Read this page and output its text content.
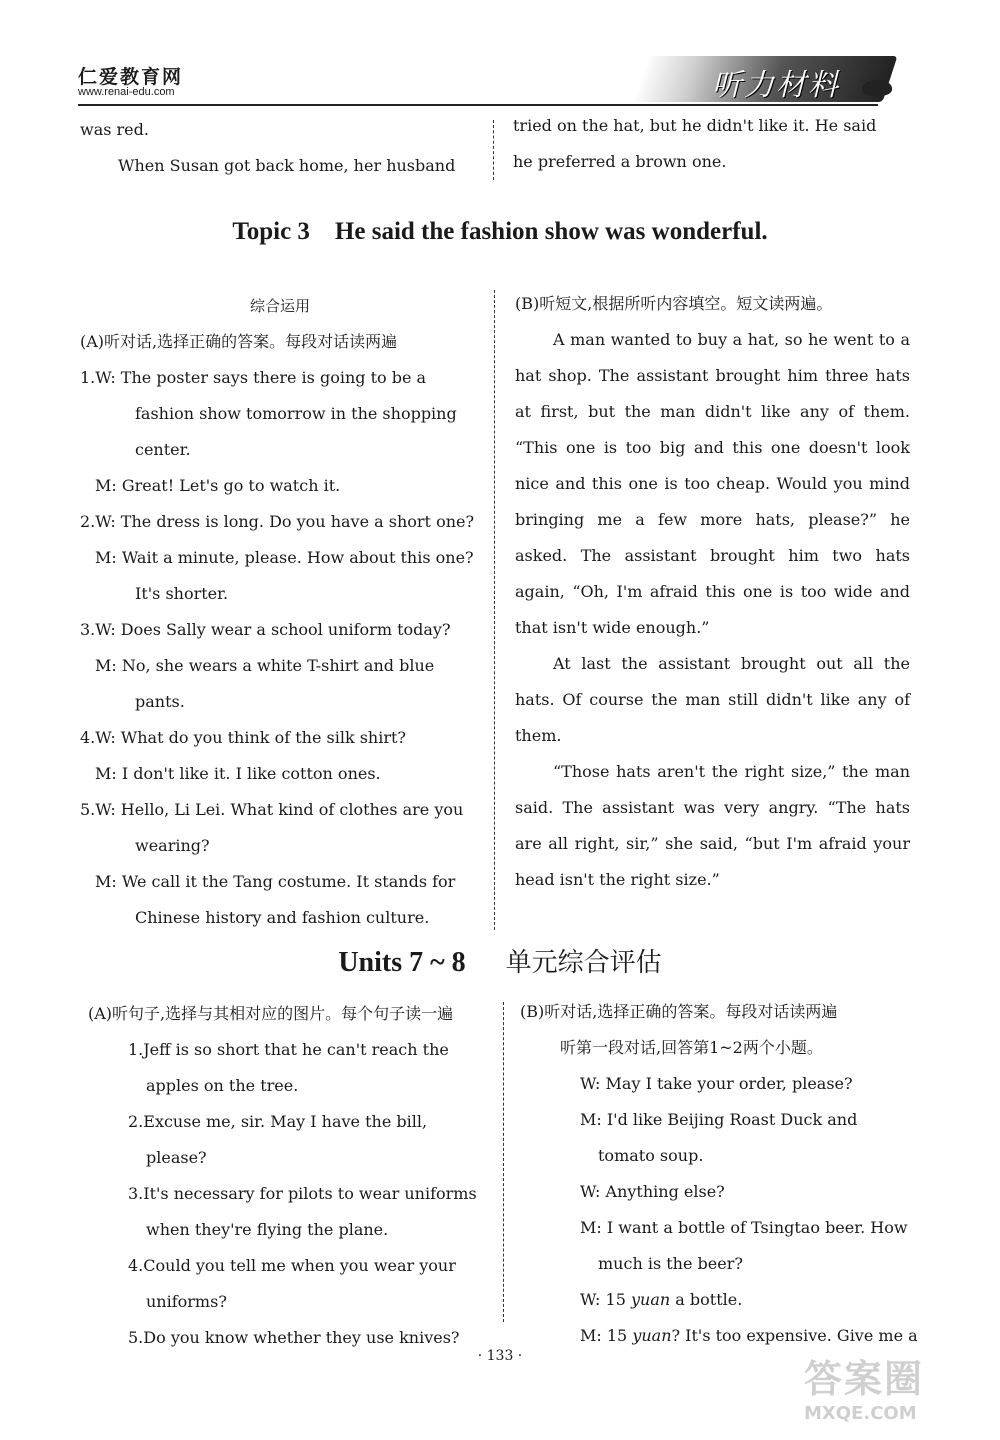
仁爱教育网
www.renai-edu.com	听力材料

was red.

When Susan got back home, her husband

tried on the hat, but he didn't like it. He said

he preferred a brown one.

Topic 3    He said the fashion show was wonderful.

综合运用

(A)听对话,选择正确的答案。每段对话读两遍

1.W: The poster says there is going to be a fashion show tomorrow in the shopping center.

M: Great! Let's go to watch it.

2.W: The dress is long. Do you have a short one?

M: Wait a minute, please. How about this one? It's shorter.

3.W: Does Sally wear a school uniform today?

M: No, she wears a white T-shirt and blue pants.

4.W: What do you think of the silk shirt?

M: I don't like it. I like cotton ones.

5.W: Hello, Li Lei. What kind of clothes are you wearing?

M: We call it the Tang costume. It stands for Chinese history and fashion culture.

(B)听短文,根据所听内容填空。短文读两遍。

A man wanted to buy a hat, so he went to a hat shop. The assistant brought him three hats at first, but the man didn't like any of them. “This one is too big and this one doesn't look nice and this one is too cheap. Would you mind bringing me a few more hats, please?” he asked. The assistant brought him two hats again, “Oh, I'm afraid this one is too wide and that isn't wide enough.”

At last the assistant brought out all the hats. Of course the man still didn't like any of them.

“Those hats aren't the right size,” the man said. The assistant was very angry. “The hats are all right, sir,” she said, “but I'm afraid your head isn't the right size.”

Units 7 ~ 8 单元综合评估

(A)听句子,选择与其相对应的图片。每个句子读一遍

1.Jeff is so short that he can't reach the apples on the tree.

2.Excuse me, sir. May I have the bill, please?

3.It's necessary for pilots to wear uniforms when they're flying the plane.

4.Could you tell me when you wear your uniforms?

5.Do you know whether they use knives?

(B)听对话,选择正确的答案。每段对话读两遍

听第一段对话,回答第1~2两个小题。

W: May I take your order, please?

M: I'd like Beijing Roast Duck and tomato soup.

W: Anything else?

M: I want a bottle of Tsingtao beer. How much is the beer?

W: 15 yuan a bottle.

M: 15 yuan? It's too expensive. Give me a

· 133 ·
答案圈
MXQE.COM
